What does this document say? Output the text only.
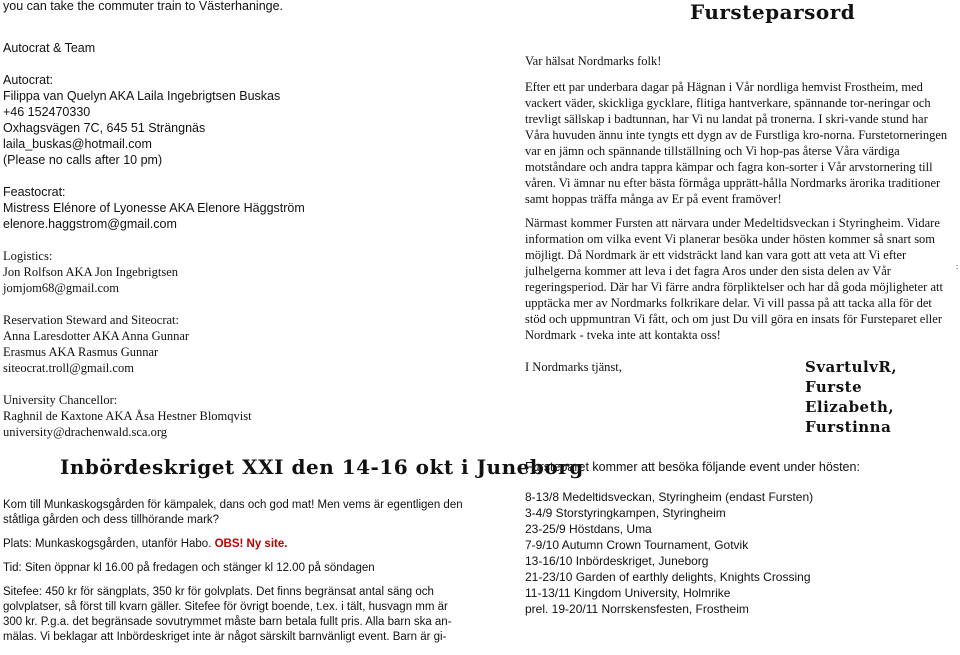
you can take the commuter train to Västerhaninge.

Autocrat & Team

Autocrat:

Filippa van Quelyn AKA Laila Ingebrigtsen Buskas

+46 152470330

Oxhagsvägen 7C, 645 51 Strängnäs

laila_buskas@hotmail.com

(Please no calls after 10 pm)

Feastocrat:

Mistress Elénore of Lyonesse AKA Elenore Häggström

elenore.haggstrom@gmail.com

Logistics:

Jon Rolfson AKA Jon Ingebrigtsen

jomjom68@gmail.com

Reservation Steward and Siteocrat:

Anna Laresdotter AKA Anna Gunnar

Erasmus AKA Rasmus Gunnar

siteocrat.troll@gmail.com

University Chancellor:

Raghnil de Kaxtone AKA Åsa Hestner Blomqvist

university@drachenwald.sca.org

Fursteparsord

Var hälsat Nordmarks folk!

Efter ett par underbara dagar på Hägnan i Vår nordliga hemvist Frostheim, med vackert väder, skickliga gycklare, flitiga hantverkare, spännande tor-neringar och trevligt sällskap i badtunnan, har Vi nu landat på tronerna. I skri-vande stund har Våra huvuden ännu inte tyngts ett dygn av de Furstliga kro-norna. Furstetorneringen var en jämn och spännande tillställning och Vi hop-pas återse Våra värdiga motståndare och andra tappra kämpar och fagra kon-sorter i Vår arvstornering till våren. Vi ämnar nu efter bästa förmåga upprätt-hålla Nordmarks ärorika traditioner samt hoppas träffa många av Er på event framöver!

Närmast kommer Fursten att närvara under Medeltidsveckan i Styringheim. Vidare information om vilka event Vi planerar besöka under hösten kommer så snart som möjligt. Då Nordmark är ett vidsträckt land kan vara gott att veta att Vi efter julhelgerna kommer att leva i det fagra Aros under den sista delen av Vår regeringsperiod. Där har Vi färre andra förpliktelser och har då goda möjligheter att upptäcka mer av Nordmarks folkrikare delar. Vi vill passa på att tacka alla för det stöd och uppmuntran Vi fått, och om just Du vill göra en insats för Fursteparet eller Nordmark - tveka inte att kontakta oss!

I Nordmarks tjänst,	SvartulvR, Furste
Elizabeth, Furstinna
:
Inbördeskriget XXI den 14-16 okt i Juneborg

Kom till Munkaskogsgården för kämpalek, dans och god mat! Men vems är egentligen den ståtliga gården och dess tillhörande mark?

Plats: Munkaskogsgården, utanför Habo. OBS! Ny site.

Tid: Siten öppnar kl 16.00 på fredagen och stänger kl 12.00 på söndagen

Sitefee: 450 kr för sängplats, 350 kr för golvplats. Det finns begränsat antal säng och golvplatser, så först till kvarn gäller. Sitefee för övrigt boende, t.ex. i tält, husvagn mm är 300 kr. P.g.a. det begränsade sovutrymmet måste barn betala fullt pris. Alla barn ska an-mälas. Vi beklagar att Inbördeskriget inte är något särskilt barnvänligt event. Barn är gi-

Fursteparet kommer att besöka följande event under hösten:
8-13/8 Medeltidsveckan, Styringheim (endast Fursten)
3-4/9 Storstyringkampen, Styringheim
23-25/9 Höstdans, Uma
7-9/10 Autumn Crown Tournament, Gotvik
13-16/10 Inbördeskriget, Juneborg
21-23/10 Garden of earthly delights, Knights Crossing
11-13/11 Kingdom University, Holmrike
prel. 19-20/11 Norrskensfesten, Frostheim
